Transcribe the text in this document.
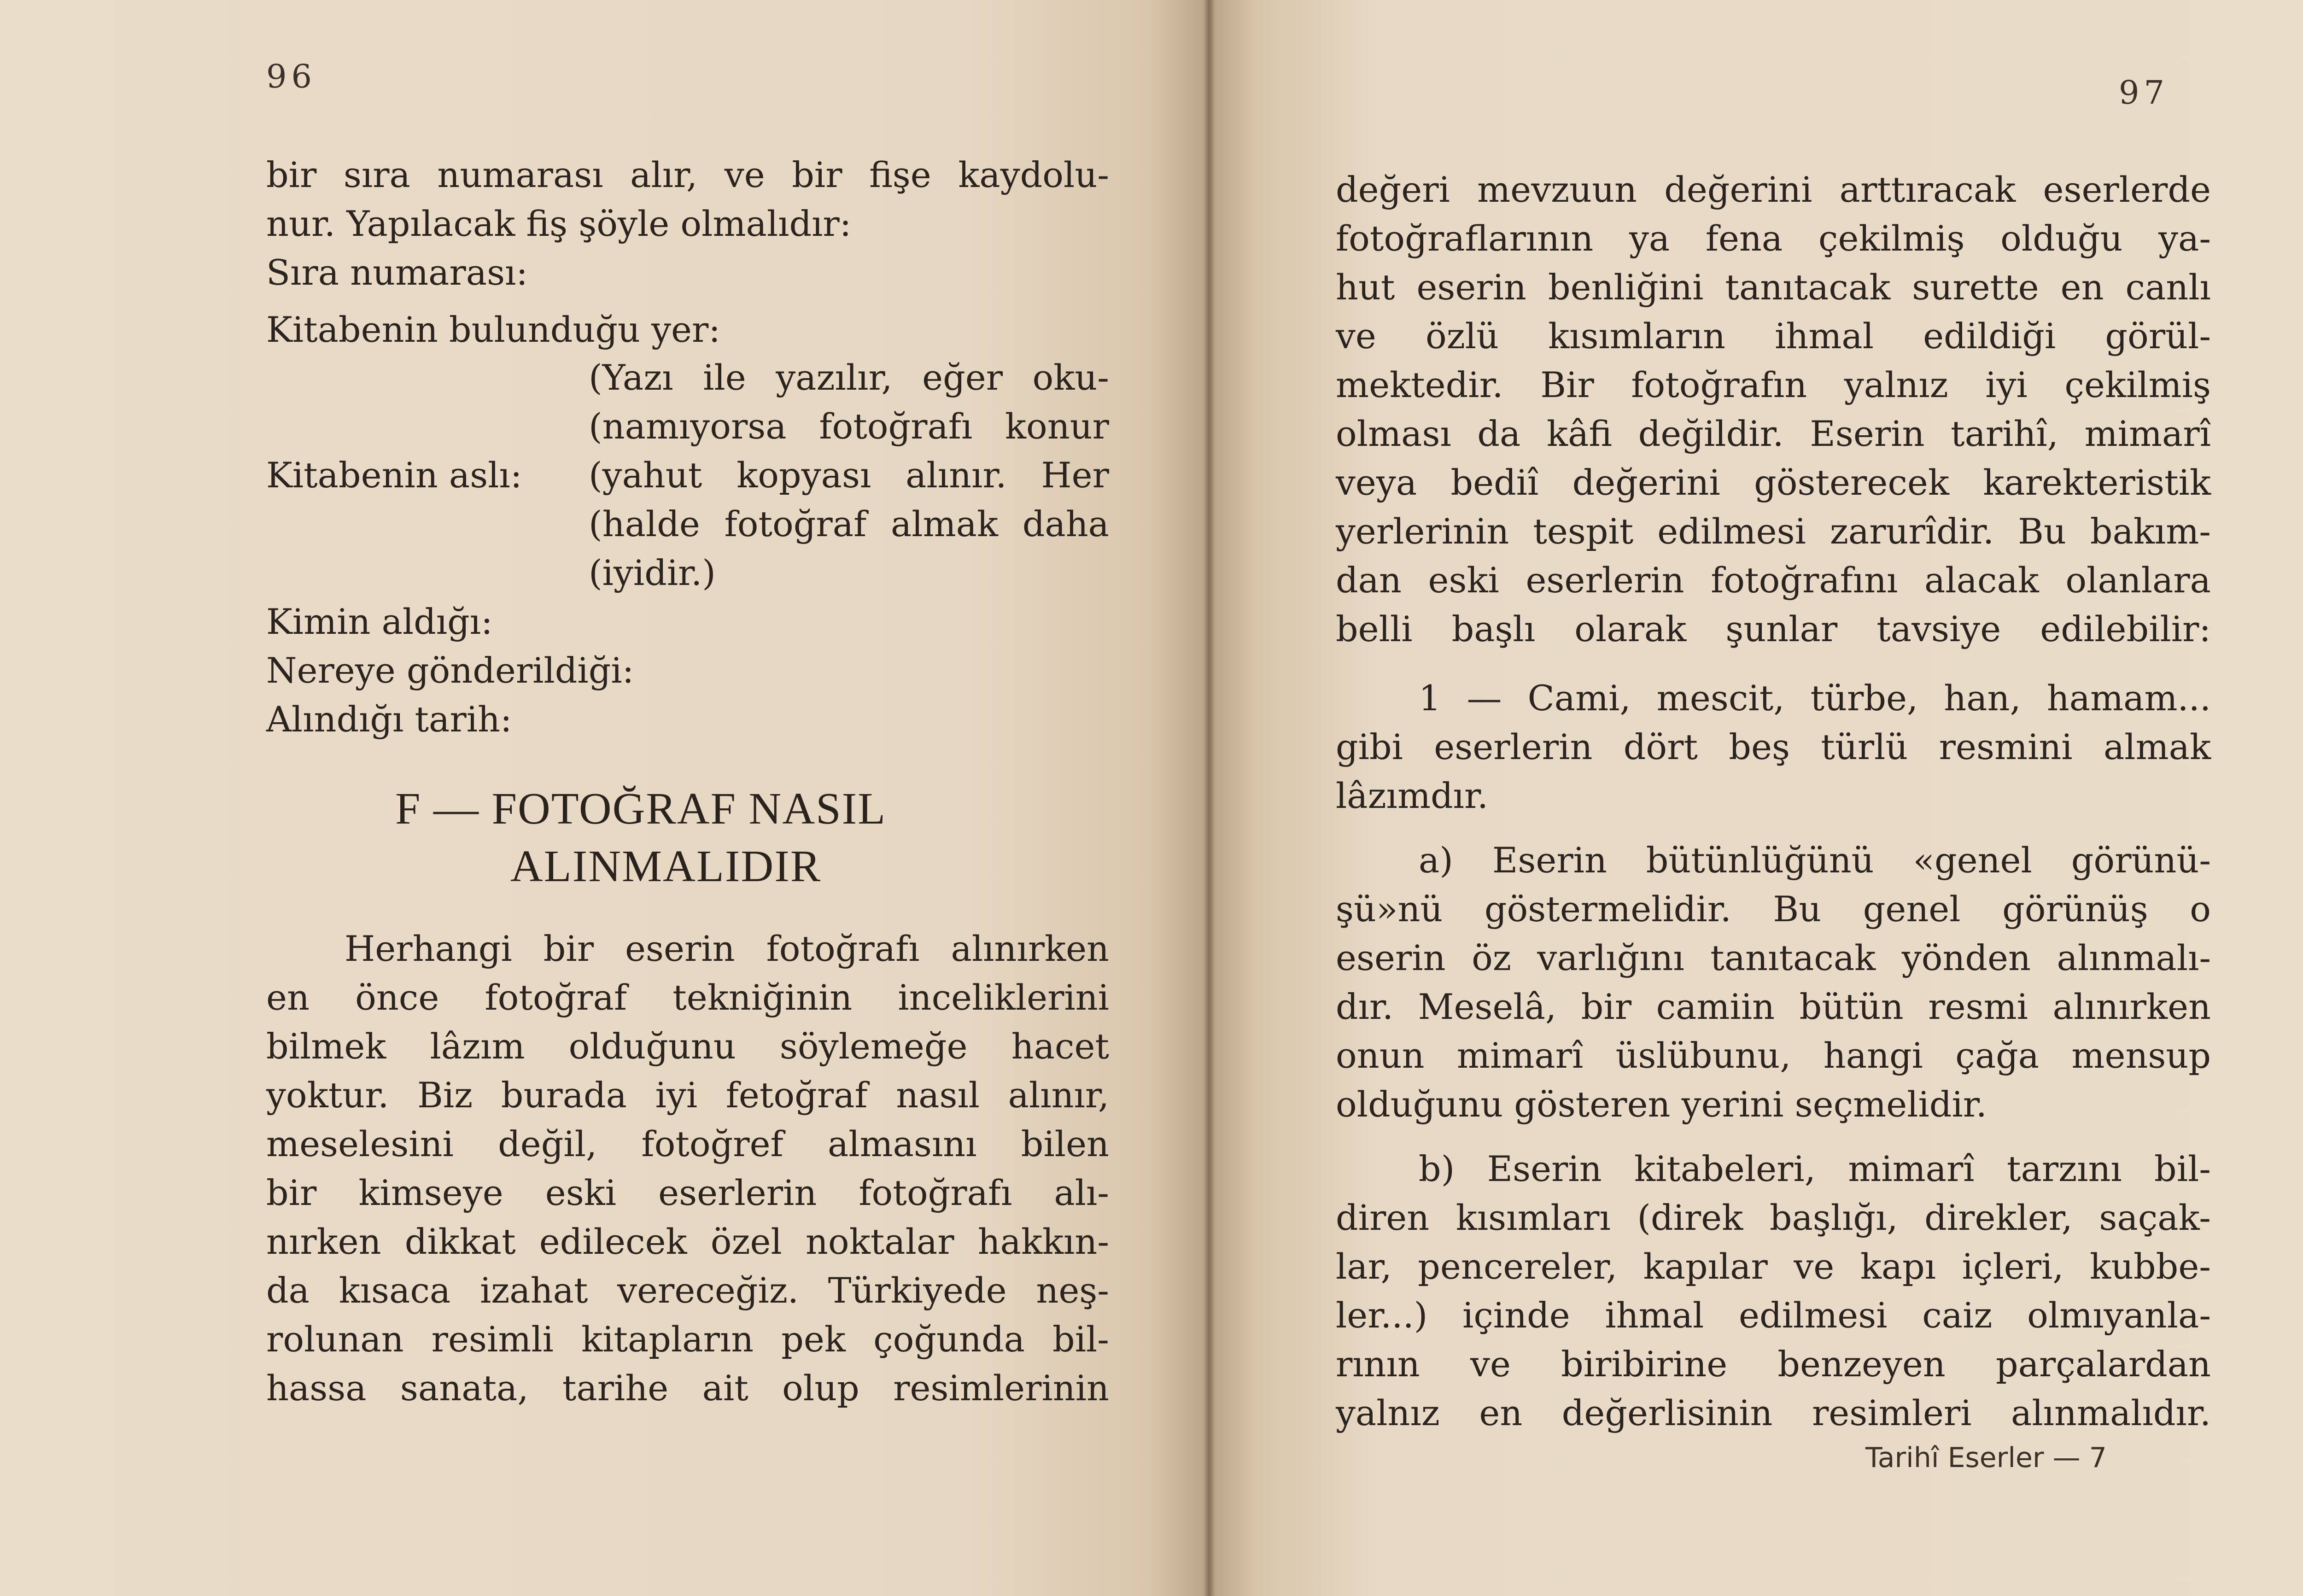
96
bir sıra numarası alır, ve bir fişe kaydolu-
nur. Yapılacak fiş şöyle olmalıdır:
Sıra numarası:
Kitabenin bulunduğu yer:
(Yazı ile yazılır, eğer oku-
(namıyorsa fotoğrafı konur
Kitabenin aslı: (yahut kopyası alınır. Her
(halde fotoğraf almak daha
(iyidir.)
Kimin aldığı:
Nereye gönderildiği:
Alındığı tarih:
F — FOTOĞRAF NASIL
ALINMALIDIR
Herhangi bir eserin fotoğrafı alınırken
en önce fotoğraf tekniğinin inceliklerini
bilmek lâzım olduğunu söylemeğe hacet
yoktur. Biz burada iyi fetoğraf nasıl alınır,
meselesini değil, fotoğref almasını bilen
bir kimseye eski eserlerin fotoğrafı alı-
nırken dikkat edilecek özel noktalar hakkın-
da kısaca izahat vereceğiz. Türkiyede neş-
rolunan resimli kitapların pek çoğunda bil-
hassa sanata, tarihe ait olup resimlerinin
97
değeri mevzuun değerini arttıracak eserlerde
fotoğraflarının ya fena çekilmiş olduğu ya-
hut eserin benliğini tanıtacak surette en canlı
ve özlü kısımların ihmal edildiği görül-
mektedir. Bir fotoğrafın yalnız iyi çekilmiş
olması da kâfi değildir. Eserin tarihî, mimarî
veya bediî değerini gösterecek karekteristik
yerlerinin tespit edilmesi zarurîdir. Bu bakım-
dan eski eserlerin fotoğrafını alacak olanlara
belli başlı olarak şunlar tavsiye edilebilir:
1 — Cami, mescit, türbe, han, hamam...
gibi eserlerin dört beş türlü resmini almak
lâzımdır.
a) Eserin bütünlüğünü «genel görünü-
şü»nü göstermelidir. Bu genel görünüş o
eserin öz varlığını tanıtacak yönden alınmalı-
dır. Meselâ, bir camiin bütün resmi alınırken
onun mimarî üslübunu, hangi çağa mensup
olduğunu gösteren yerini seçmelidir.
b) Eserin kitabeleri, mimarî tarzını bil-
diren kısımları (direk başlığı, direkler, saçak-
lar, pencereler, kapılar ve kapı içleri, kubbe-
ler...) içinde ihmal edilmesi caiz olmıyanla-
rının ve biribirine benzeyen parçalardan
yalnız en değerlisinin resimleri alınmalıdır.
Tarihî Eserler — 7
